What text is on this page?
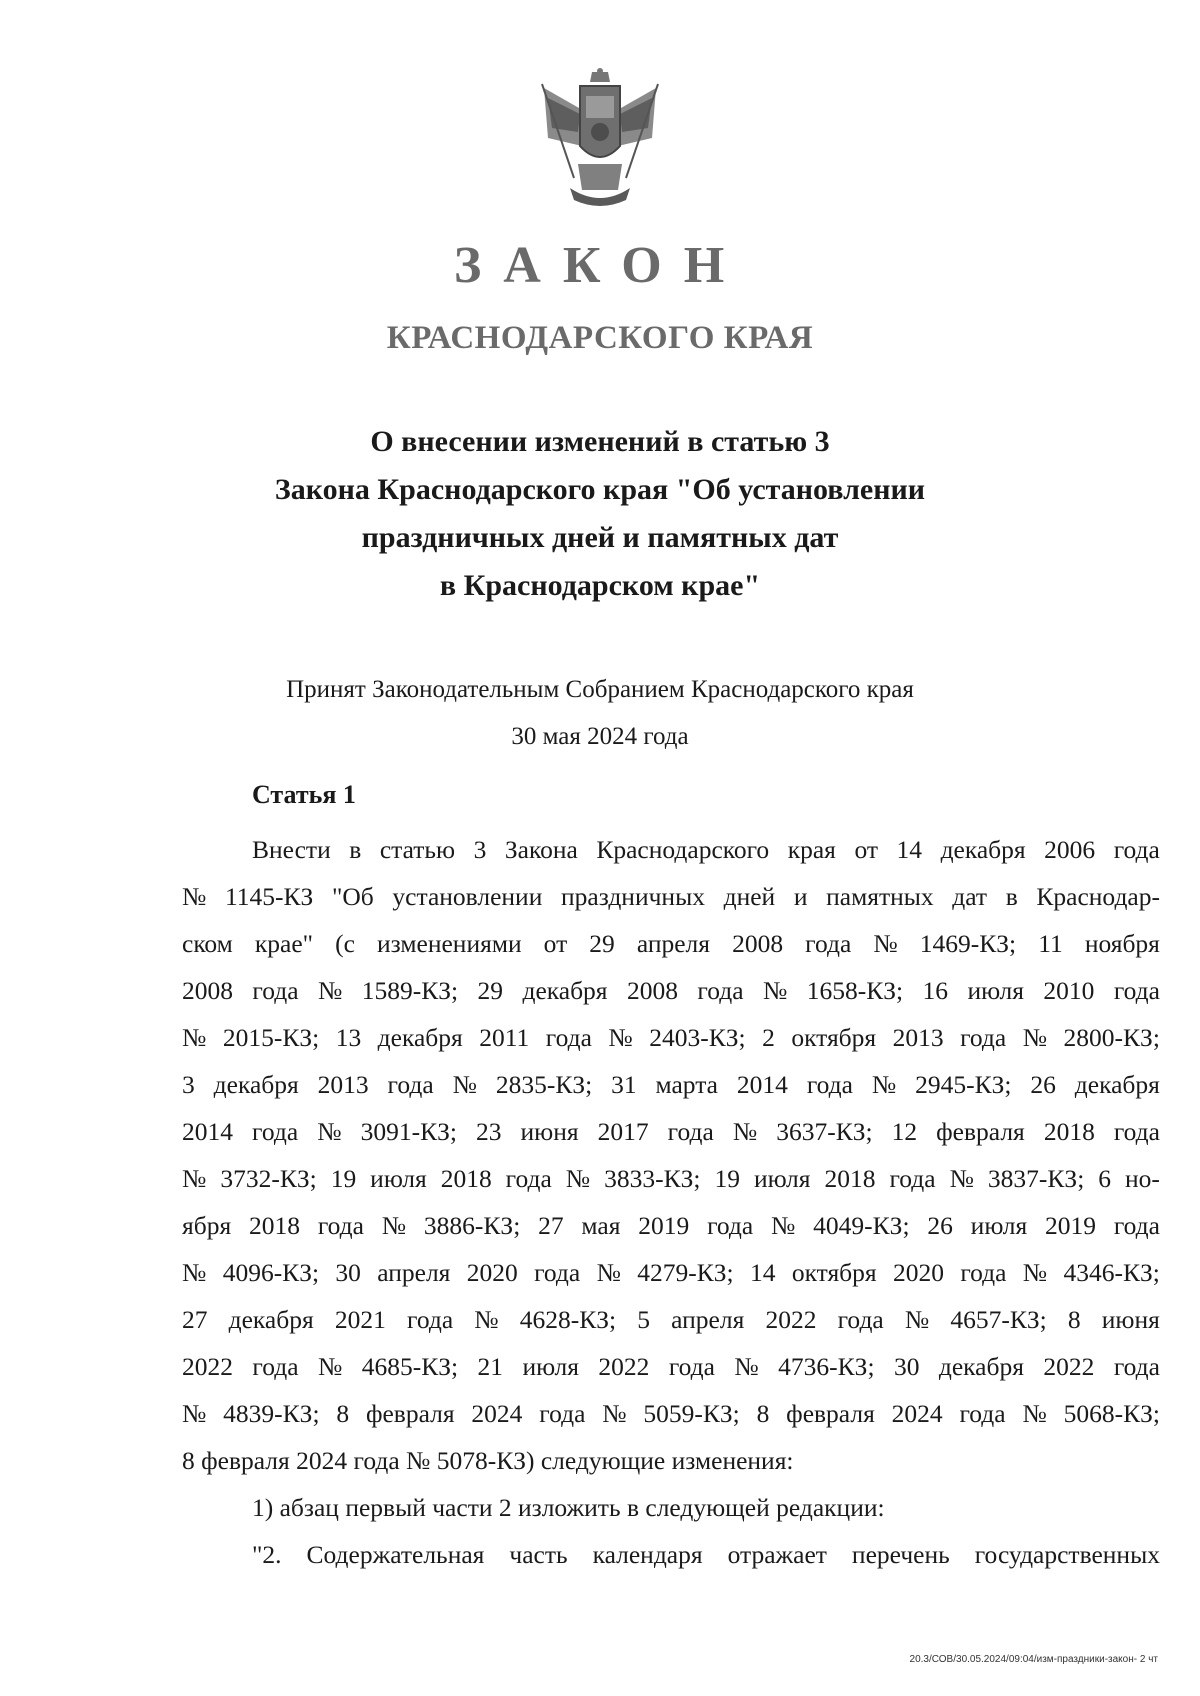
ЗАКОН
КРАСНОДАРСКОГО КРАЯ
О внесении изменений в статью 3
Закона Краснодарского края "Об установлении
праздничных дней и памятных дат
в Краснодарском крае"
Принят Законодательным Собранием Краснодарского края
30 мая 2024 года
Статья 1
Внести в статью 3 Закона Краснодарского края от 14 декабря 2006 года
№ 1145-КЗ "Об установлении праздничных дней и памятных дат в Краснодар-
ском крае" (с изменениями от 29 апреля 2008 года № 1469-КЗ; 11 ноября
2008 года № 1589-КЗ; 29 декабря 2008 года № 1658-КЗ; 16 июля 2010 года
№ 2015-КЗ; 13 декабря 2011 года № 2403-КЗ; 2 октября 2013 года № 2800-КЗ;
3 декабря 2013 года № 2835-КЗ; 31 марта 2014 года № 2945-КЗ; 26 декабря
2014 года № 3091-КЗ; 23 июня 2017 года № 3637-КЗ; 12 февраля 2018 года
№ 3732-КЗ; 19 июля 2018 года № 3833-КЗ; 19 июля 2018 года № 3837-КЗ; 6 но-
ября 2018 года № 3886-КЗ; 27 мая 2019 года № 4049-КЗ; 26 июля 2019 года
№ 4096-КЗ; 30 апреля 2020 года № 4279-КЗ; 14 октября 2020 года № 4346-КЗ;
27 декабря 2021 года № 4628-КЗ; 5 апреля 2022 года № 4657-КЗ; 8 июня
2022 года № 4685-КЗ; 21 июля 2022 года № 4736-КЗ; 30 декабря 2022 года
№ 4839-КЗ; 8 февраля 2024 года № 5059-КЗ; 8 февраля 2024 года № 5068-КЗ;
8 февраля 2024 года № 5078-КЗ) следующие изменения:
1) абзац первый части 2 изложить в следующей редакции:
"2. Содержательная часть календаря отражает перечень государственных
20.3/СОВ/30.05.2024/09:04/изм-праздники-закон- 2 чт
